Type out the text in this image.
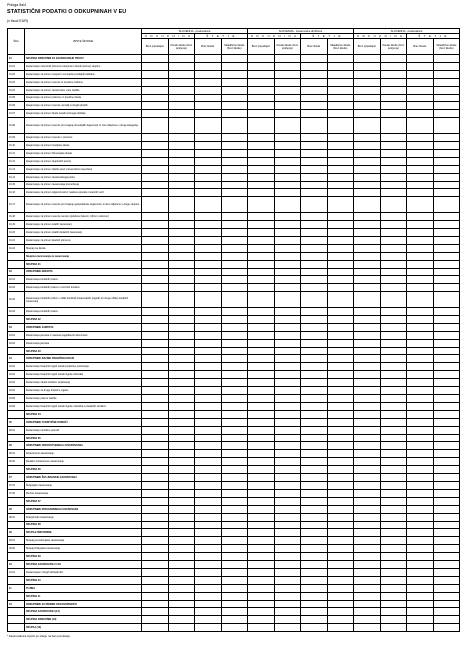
Priloga 5a/4
STATISTIČNI PODATKI O ODKUPNINAH V EU
(v tisoč EUR)
Šifra	VRSTE ŠKODNE	SLOVENIJA - poslovalnice				SLOVENIJA - zavarovalne družbene				SLOVENIJA - poslovalnice			
		O D K U P N I N A		Š T E T J E		O D K U P N I N A		Š T E T J E		O D K U P N I N A		Š T E T J E	
		Brez pripadajoč	Zneski škode (brez potrjenja)	Brez škode	Skladiščne škode (brez škode)	Brez pripadajoč	Zneski škode (brez potrjenja)	Brez škode	Skladiščne škode (brez škode)	Brez pripadajoč	Zneski škode (brez potrjenja)	Brez škode	Skladiščne škode (brez škode)
01	SKUPINA ODKUPNIN ZA ZAVAROVANJE TRGOV												
01.01	Zavarovanje nesrečnih primerov (skupina in škodni primer) skupine												
01.02	Zavarovanje za primer nezgod in za izgubo prodajnih dobitkov												
01.03	Zavarovanje za primer nesreče in posebne zahteve												
01.04	Zavarovanje za primer zavarovalne vrste zaščite												
01.05	Zavarovanje za primer poslovne in kreditne škode												
01.06	Zavarovanje za primer nesreče na ladji in drugih plovilih												
01.07	Zavarovanje za primer škode zaradi sušnega obdobja												
01.08	Zavarovanje za primer nesreče pri izvajanju kmetijskih dejavnosti, ki niso vključene v druge kategorije												
01.09	Zavarovanje za primer nesreče v prometu												
01.10	Zavarovanje za primer kmetijske škode												
01.11	Zavarovanje za primer živinorejske škode												
01.12	Zavarovanje za primer skupinskih premij												
01.13	Zavarovanje za primer zaščite pred vremenskimi nesrečami												
01.14	Zavarovanje za primer zavarovalnega posla												
01.15	Zavarovanje za primer zavarovanja premoženja												
01.16	Zavarovanje za primer odgovornosti iz naslova uporabe motornih vozil												
01.17	Zavarovanje za primer nesreče pri izvajanju gospodarske dejavnosti, ki niso vključene v druge skupine												
01.18	Zavarovanje za primer nesreče na delu (poklicne bolezni, izbris in odvzem)												
01.19	Zavarovanje za primer ostalih zavarovanj												
01.20	Zavarovanje za primer ostalih dodatnih zavarovanj												
01.21	Zavarovanje za primer škodnih primerov												
01.22	Skupaj vse škode												
	Skupina zavarovanja za zavarovanje												
	SKUPINA 01												
02	ODKUPNINE KREDITA												
02.01	Zavarovanje kreditnih poslov												
02.02	Zavarovanje kreditnih poslov in izvoznih kreditov												
02.03	Zavarovanje kreditnih poslov v obliki kreditnih zavarovalnih pogodb ter druge oblike kreditnih zavarovanj												
02.04	Zavarovanje kreditnih poslov												
	SKUPINA 02												
03	ODKUPNINE JAMSTVA												
03.01	Zavarovanje jamstva iz naslova pogodbenih obveznosti												
03.02	Zavarovanje jamstva												
	SKUPINA 03												
04	ODKUPNINE RAZNIH FINANČNIH IZGUB												
04.01	Zavarovanje finančnih izgub zaradi prekinitve poslovanja												
04.02	Zavarovanje finančnih izgub zaradi izgube dohodka												
04.03	Zavarovanje zaradi stroškov poslovanja												
04.04	Zavarovanje za druge finančne izgube												
04.05	Zavarovanje pravne zaščite												
04.06	Zavarovanje finančnih izgub zaradi izgube zaslužka in dodatnih stroškov												
	SKUPINA 04												
05	ODKUPNINE TURISTIČNE POMOČI												
05.01	Zavarovanje turistične pomoči												
	SKUPINA 05												
06	ODKUPNINE ZDRAVSTVENEGA ZAVAROVANJA												
06.01	Zdravstveno zavarovanje												
06.02	Dodatno zdravstveno zavarovanje												
	SKUPINA 06												
07	ODKUPNINE ŽIVLJENJSKIH ZAVAROVANJ												
07.01	Življenjsko zavarovanje												
07.02	Rentno zavarovanje												
	SKUPINA 07												
08	ODKUPNINE POKOJNINSKIH ZAVAROVANJ												
08.01	Pokojninsko zavarovanje												
	SKUPINA 08												
09	SKUPAJ ODKUPNINE												
09.01	Skupaj premoženjska zavarovanja												
09.02	Skupaj življenjska zavarovanja												
	SKUPINA 09												
10	SKUPINA ZAVAROVANJ V EU												
10.01	Zavarovanja v drugih državah EU												
	SKUPINA 10												
11	TUJINA												
	SKUPINA 11												
12	ODKUPNINE ZA PRIMER ODGOVORNOSTI												
	SKUPINA ZAVAROVANJ (12)												
	SKUPINA ODKUPNIN (13)												
	SKUPAJ (14)												
* Zavarovalnica izpolni po stanju na dan poročanja.
